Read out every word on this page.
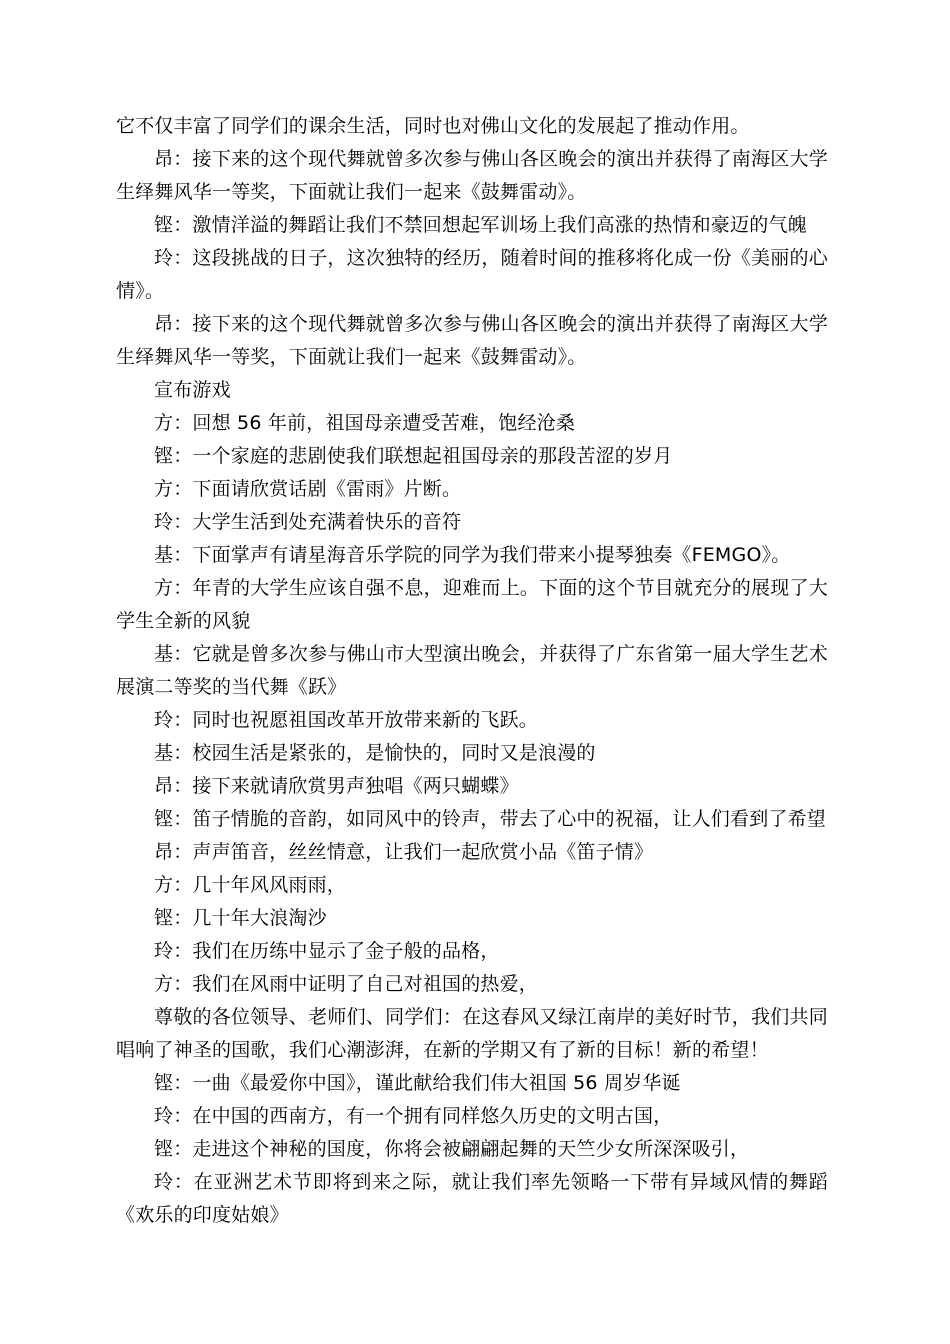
它不仅丰富了同学们的课余生活，同时也对佛山文化的发展起了推动作用。

昂：接下来的这个现代舞就曾多次参与佛山各区晚会的演出并获得了南海区大学生绎舞风华一等奖，下面就让我们一起来《鼓舞雷动》。

铿：激情洋溢的舞蹈让我们不禁回想起军训场上我们高涨的热情和豪迈的气魄

玲：这段挑战的日子，这次独特的经历，随着时间的推移将化成一份《美丽的心情》。

昂：接下来的这个现代舞就曾多次参与佛山各区晚会的演出并获得了南海区大学生绎舞风华一等奖，下面就让我们一起来《鼓舞雷动》。

宣布游戏

方：回想 56 年前，祖国母亲遭受苦难，饱经沧桑

铿：一个家庭的悲剧使我们联想起祖国母亲的那段苦涩的岁月

方：下面请欣赏话剧《雷雨》片断。

玲：大学生活到处充满着快乐的音符

基：下面掌声有请星海音乐学院的同学为我们带来小提琴独奏《FEMGO》。

方：年青的大学生应该自强不息，迎难而上。下面的这个节目就充分的展现了大学生全新的风貌

基：它就是曾多次参与佛山市大型演出晚会，并获得了广东省第一届大学生艺术展演二等奖的当代舞《跃》

玲：同时也祝愿祖国改革开放带来新的飞跃。

基：校园生活是紧张的，是愉快的，同时又是浪漫的

昂：接下来就请欣赏男声独唱《两只蝴蝶》

铿：笛子情脆的音韵，如同风中的铃声，带去了心中的祝福，让人们看到了希望

昂：声声笛音，丝丝情意，让我们一起欣赏小品《笛子情》

方：几十年风风雨雨，

铿：几十年大浪淘沙

玲：我们在历练中显示了金子般的品格，

方：我们在风雨中证明了自己对祖国的热爱，

尊敬的各位领导、老师们、同学们：在这春风又绿江南岸的美好时节，我们共同唱响了神圣的国歌，我们心潮澎湃，在新的学期又有了新的目标！新的希望！

铿：一曲《最爱你中国》，谨此献给我们伟大祖国 56 周岁华诞

玲：在中国的西南方，有一个拥有同样悠久历史的文明古国，

铿：走进这个神秘的国度，你将会被翩翩起舞的天竺少女所深深吸引，

玲：在亚洲艺术节即将到来之际，就让我们率先领略一下带有异域风情的舞蹈《欢乐的印度姑娘》
